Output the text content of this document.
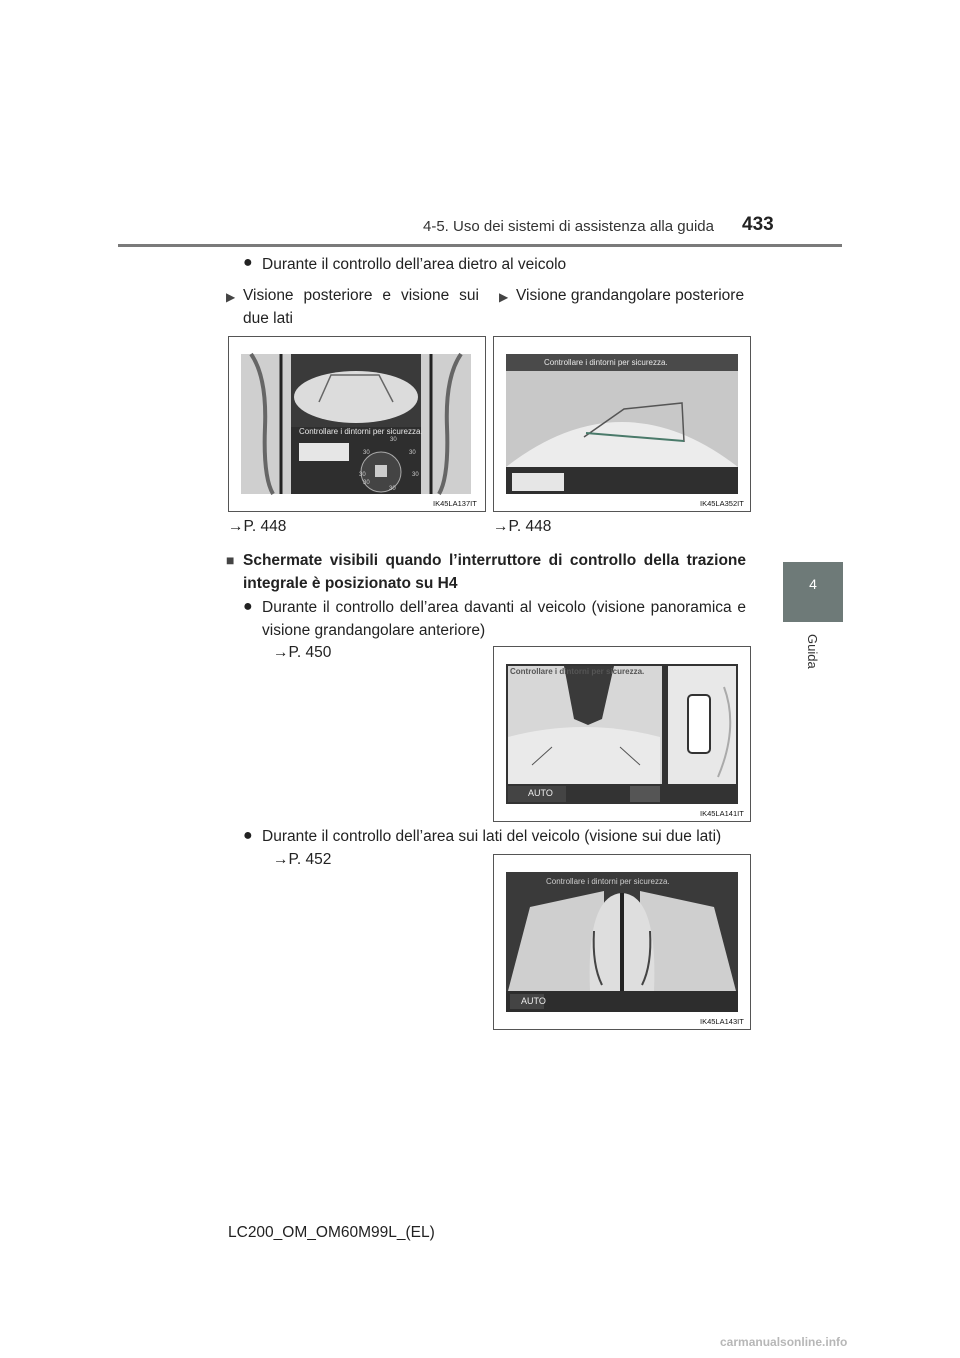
4-5. Uso dei sistemi di assistenza alla guida 433
4
Guida
● Durante il controllo dell’area dietro al veicolo
▶ Visione posteriore e visione sui
due lati
▶ Visione grandangolare posteriore
Controllare i dintorni per sicurezza.
30
30	30
30	30
30
30
IK45LA137IT
Controllare i dintorni per sicurezza.
IK45LA352IT
→P. 448	→P. 448
■ Schermate visibili quando l’interruttore di controllo della trazione
integrale è posizionato su H4
● Durante il controllo dell’area davanti al veicolo (visione panoramica e
visione grandangolare anteriore)
→P. 450
Controllare i dintorni per sicurezza.
AUTO
IK45LA141IT
● Durante il controllo dell’area sui lati del veicolo (visione sui due lati)
→P. 452
Controllare i dintorni per sicurezza.
AUTO
IK45LA143IT
LC200_OM_OM60M99L_(EL)
carmanualsonline.info
